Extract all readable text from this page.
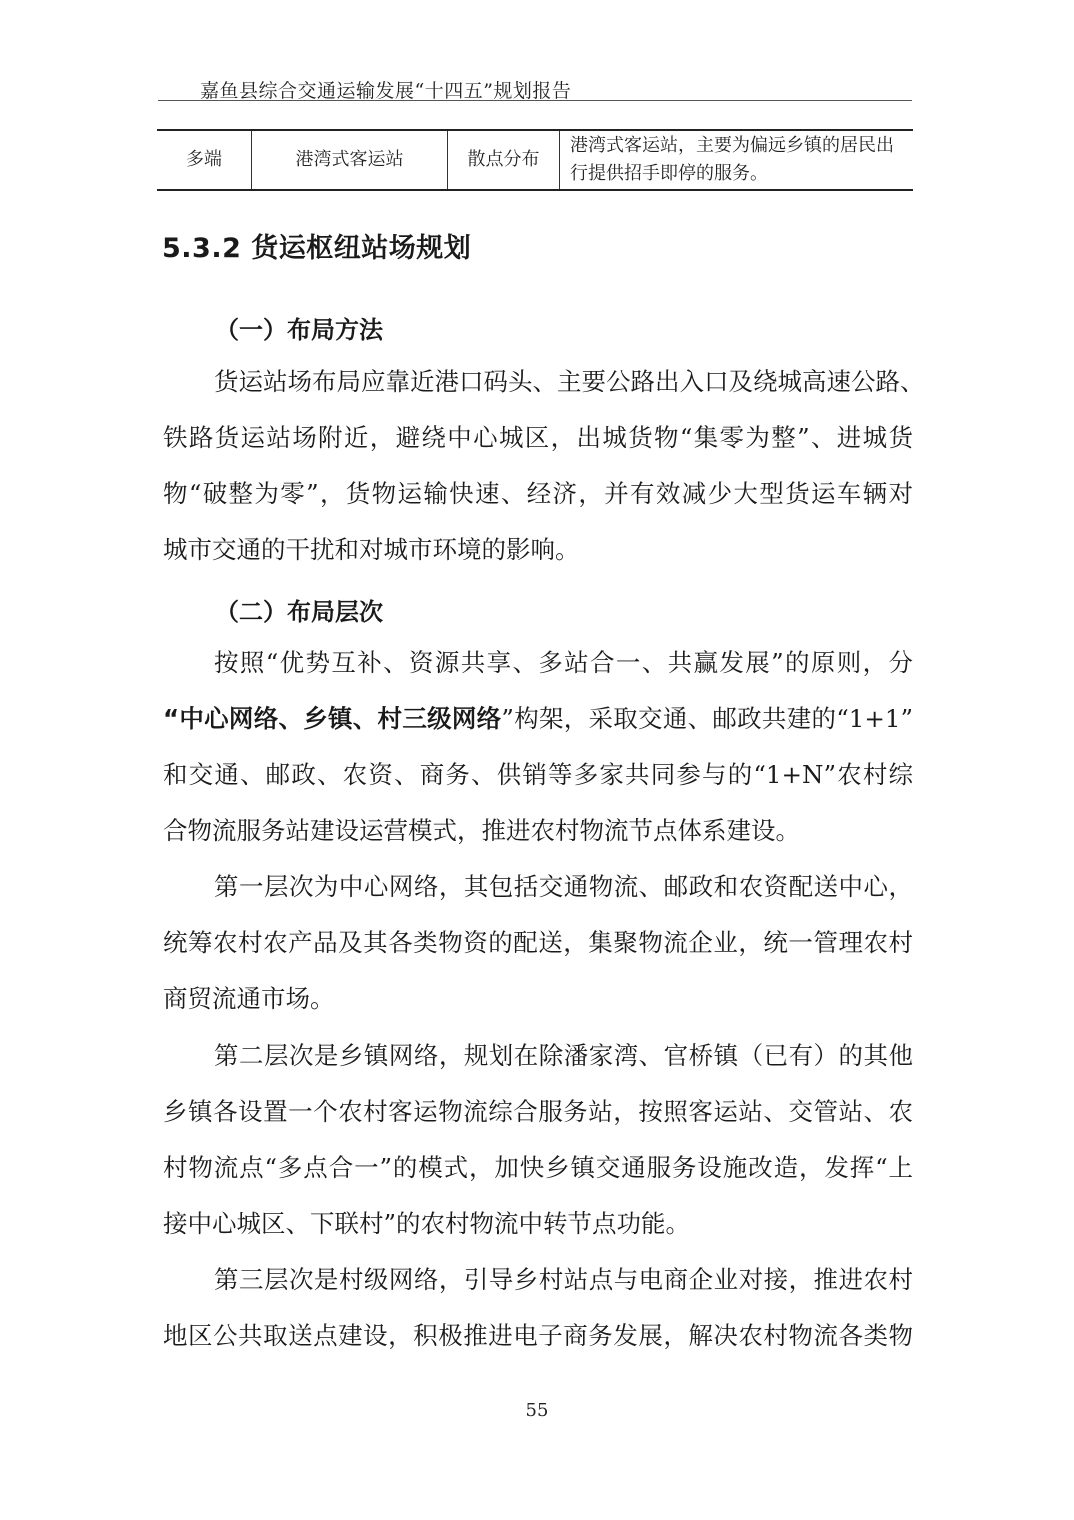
嘉鱼县综合交通运输发展“十四五”规划报告
多端	港湾式客运站	散点分布	港湾式客运站，主要为偏远乡镇的居民出
行提供招手即停的服务。
5.3.2 货运枢纽站场规划
（一）布局方法
货运站场布局应靠近港口码头、主要公路出入口及绕城高速公路、
铁路货运站场附近，避绕中心城区，出城货物“集零为整”、进城货
物“破整为零”，货物运输快速、经济，并有效减少大型货运车辆对
城市交通的干扰和对城市环境的影响。
（二）布局层次
按照“优势互补、资源共享、多站合一、共赢发展”的原则，分
“中心网络、乡镇、村三级网络”构架，采取交通、邮政共建的“1+1”
和交通、邮政、农资、商务、供销等多家共同参与的“1+N”农村综
合物流服务站建设运营模式，推进农村物流节点体系建设。
第一层次为中心网络，其包括交通物流、邮政和农资配送中心，
统筹农村农产品及其各类物资的配送，集聚物流企业，统一管理农村
商贸流通市场。
第二层次是乡镇网络，规划在除潘家湾、官桥镇（已有）的其他
乡镇各设置一个农村客运物流综合服务站，按照客运站、交管站、农
村物流点“多点合一”的模式，加快乡镇交通服务设施改造，发挥“上
接中心城区、下联村”的农村物流中转节点功能。
第三层次是村级网络，引导乡村站点与电商企业对接，推进农村
地区公共取送点建设，积极推进电子商务发展，解决农村物流各类物
55
